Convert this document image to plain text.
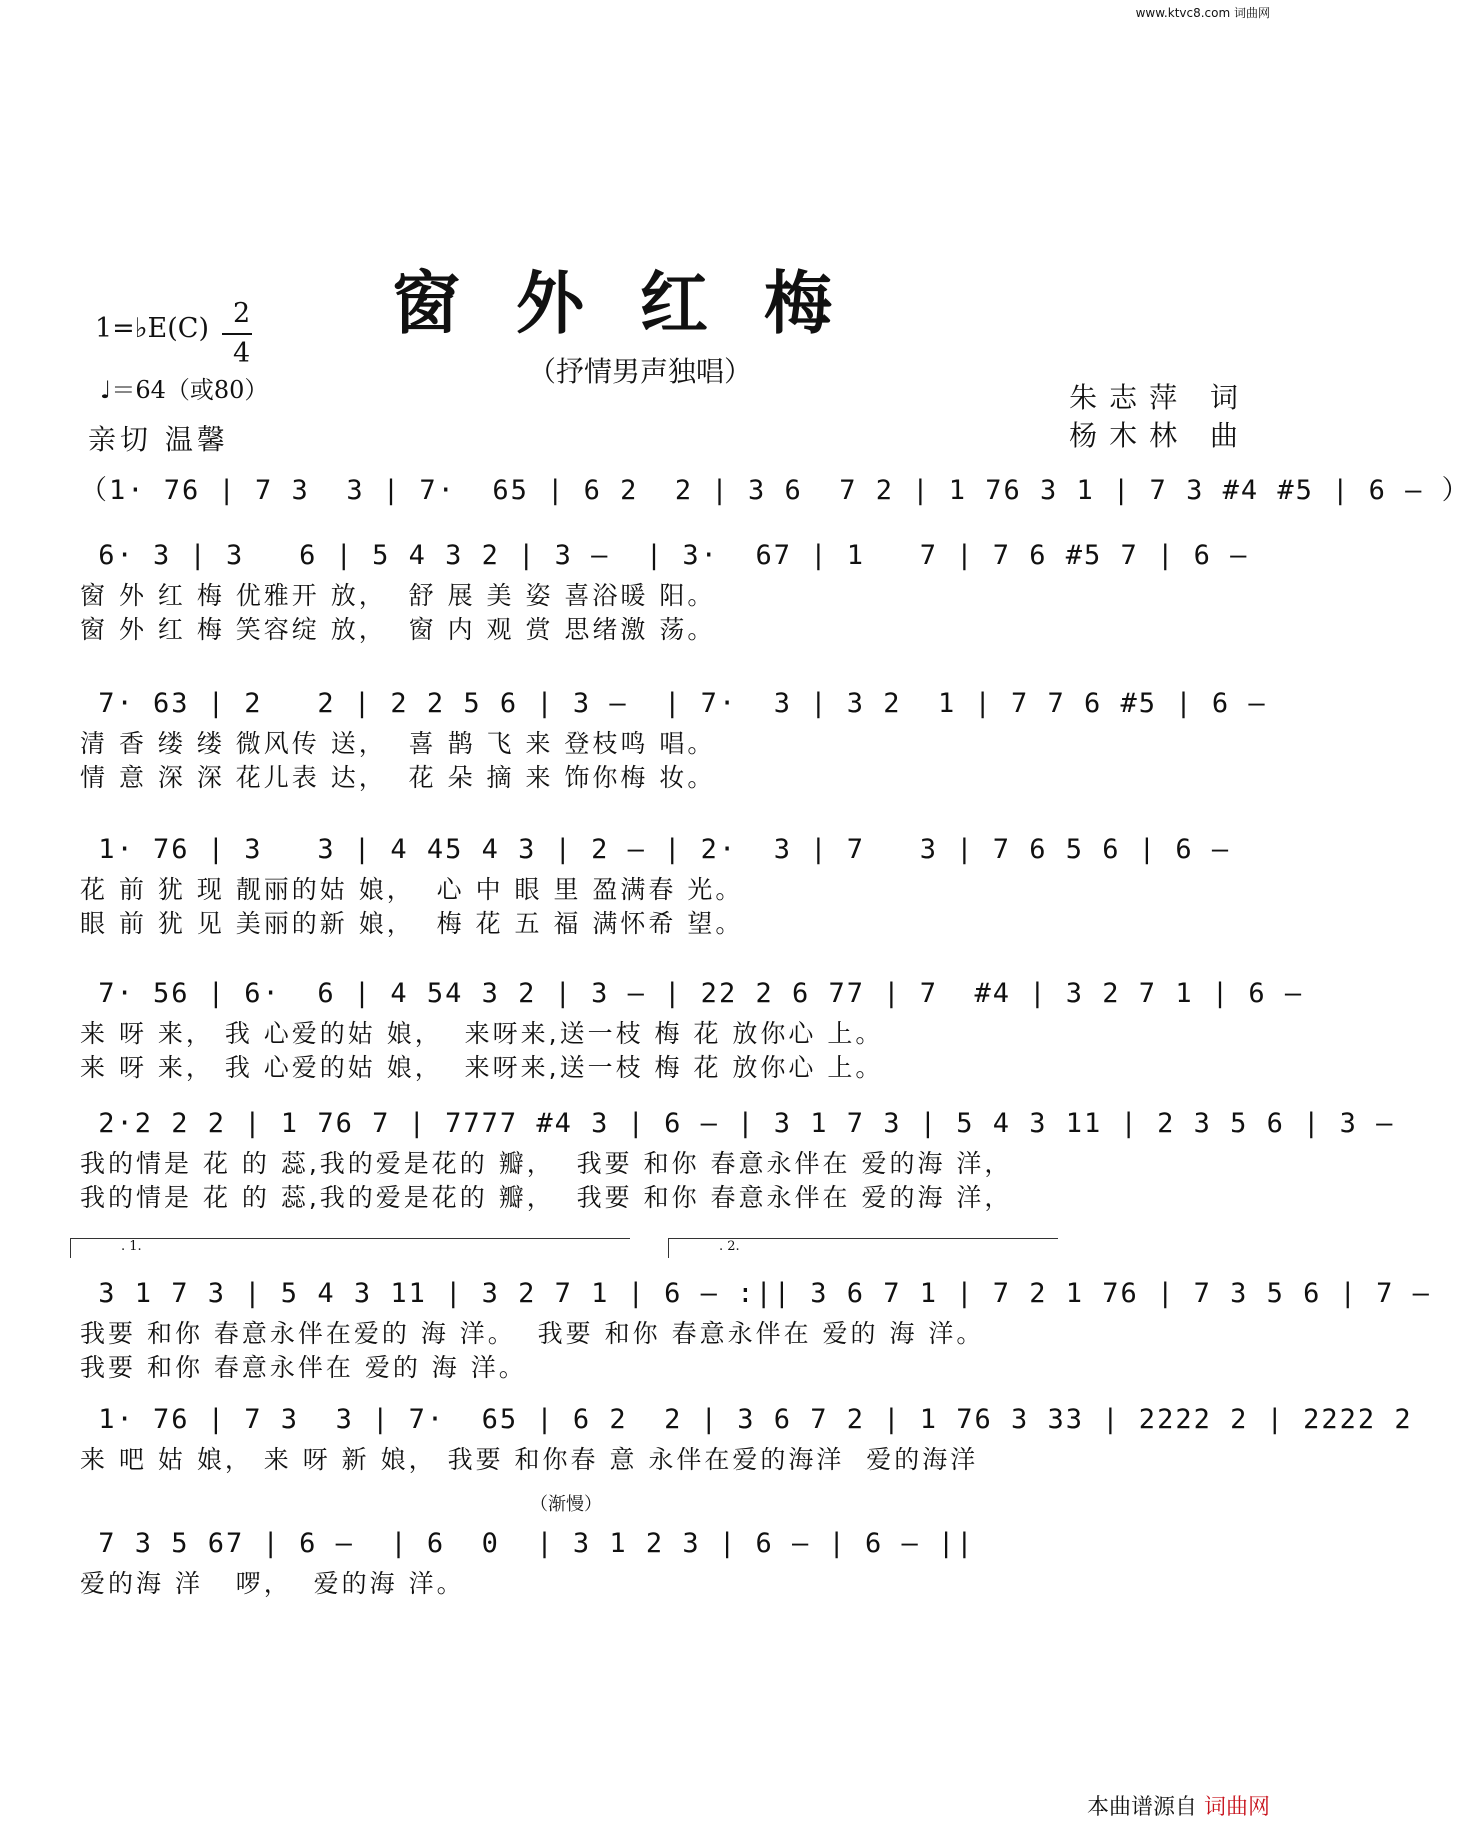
www.ktvc8.com 词曲网
窗外红梅
（抒情男声独唱）
1=♭E(C) 2
4
♩＝64（或80）
亲切 温馨
朱志萍 词
杨木林 曲
（1· 76 | 7 3  3 | 7·  65 | 6 2  2 | 3 6  7 2 | 1 76 3 1 | 7 3 #4 #5 | 6 — ）
6· 3 | 3   6 | 5 4 3 2 | 3 —  | 3·  67 | 1   7 | 7 6 #5 7 | 6 —
窗 外 红 梅 优雅开 放，  舒 展 美 姿 喜浴暖 阳。
窗 外 红 梅 笑容绽 放，  窗 内 观 赏 思绪激 荡。
7· 63 | 2   2 | 2 2 5 6 | 3 —  | 7·  3 | 3 2  1 | 7 7 6 #5 | 6 —
清 香 缕 缕 微风传 送，  喜 鹊 飞 来 登枝鸣 唱。
情 意 深 深 花儿表 达，  花 朵 摘 来 饰你梅 妆。
1· 76 | 3   3 | 4 45 4 3 | 2 — | 2·  3 | 7   3 | 7 6 5 6 | 6 —
花 前 犹 现 靓丽的姑 娘，  心 中 眼 里 盈满春 光。
眼 前 犹 见 美丽的新 娘，  梅 花 五 福 满怀希 望。
7· 56 | 6·  6 | 4 54 3 2 | 3 — | 22 2 6 77 | 7  #4 | 3 2 7 1 | 6 —
来 呀 来， 我 心爱的姑 娘，  来呀来,送一枝 梅 花 放你心 上。
来 呀 来， 我 心爱的姑 娘，  来呀来,送一枝 梅 花 放你心 上。
2·2 2 2 | 1 76 7 | 7777 #4 3 | 6 — | 3 1 7 3 | 5 4 3 11 | 2 3 5 6 | 3 —
我的情是 花 的 蕊,我的爱是花的 瓣，  我要 和你 春意永伴在 爱的海 洋，
我的情是 花 的 蕊,我的爱是花的 瓣，  我要 和你 春意永伴在 爱的海 洋，
. 1.	. 2.
3 1 7 3 | 5 4 3 11 | 3 2 7 1 | 6 — :|| 3 6 7 1 | 7 2 1 76 | 7 3 5 6 | 7 —
我要 和你 春意永伴在爱的 海 洋。  我要 和你 春意永伴在 爱的 海 洋。
我要 和你 春意永伴在 爱的 海 洋。
1· 76 | 7 3  3 | 7·  65 | 6 2  2 | 3 6 7 2 | 1 76 3 33 | 2222 2 | 2222 2
来 吧 姑 娘， 来 呀 新 娘， 我要 和你春 意 永伴在爱的海洋  爱的海洋
（渐慢）
7 3 5 67 | 6 —  | 6  0  | 3 1 2 3 | 6 — | 6 — ||
爱的海 洋   啰，  爱的海 洋。
本曲谱源自 词曲网
